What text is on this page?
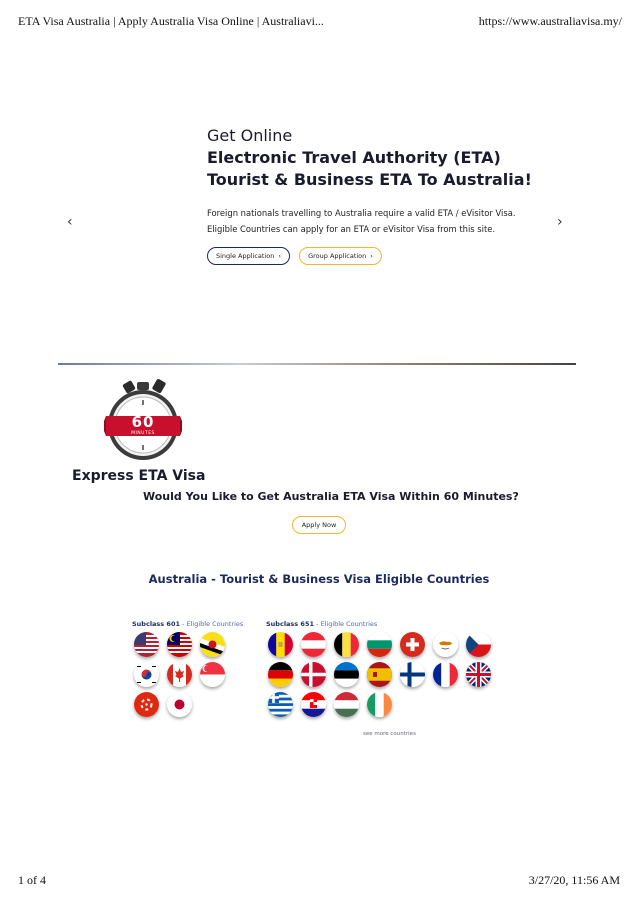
ETA Visa Australia | Apply Australia Visa Online | Australiavi...	https://www.australiavisa.my/
Get Online
Electronic Travel Authority (ETA)
Tourist & Business ETA To Australia!
Foreign nationals travelling to Australia require a valid ETA / eVisitor Visa.
Eligible Countries can apply for an ETA or eVisitor Visa from this site.
‹	›
Single Application ›	Group Application ›
60
MINUTES
Express ETA Visa
Would You Like to Get Australia ETA Visa Within 60 Minutes?
Apply Now
Australia - Tourist & Business Visa Eligible Countries
Subclass 601 - Eligible Countries	Subclass 651 - Eligible Countries
see more countries
1 of 4	3/27/20, 11:56 AM
